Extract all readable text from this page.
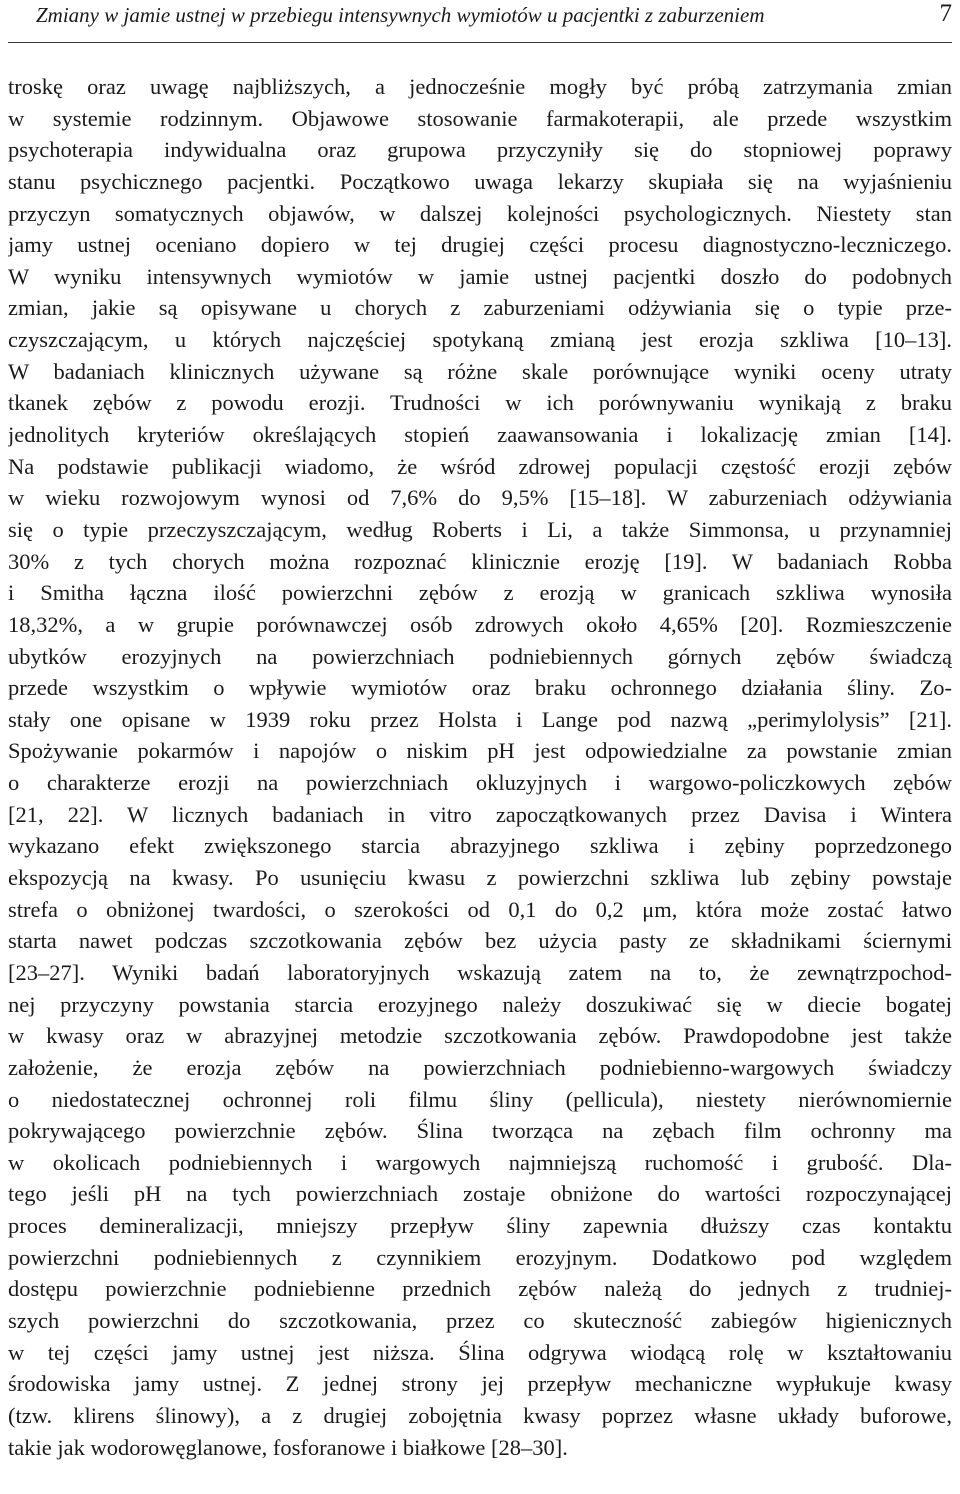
Zmiany w jamie ustnej w przebiegu intensywnych wymiotów u pacjentki z zaburzeniem	7
troskę oraz uwagę najbliższych, a jednocześnie mogły być próbą zatrzymania zmian
w systemie rodzinnym. Objawowe stosowanie farmakoterapii, ale przede wszystkim
psychoterapia indywidualna oraz grupowa przyczyniły się do stopniowej poprawy
stanu psychicznego pacjentki. Początkowo uwaga lekarzy skupiała się na wyjaśnieniu
przyczyn somatycznych objawów, w dalszej kolejności psychologicznych. Niestety stan
jamy ustnej oceniano dopiero w tej drugiej części procesu diagnostyczno-leczniczego.
W wyniku intensywnych wymiotów w jamie ustnej pacjentki doszło do podobnych
zmian, jakie są opisywane u chorych z zaburzeniami odżywiania się o typie prze-
czyszczającym, u których najczęściej spotykaną zmianą jest erozja szkliwa [10–13].
W badaniach klinicznych używane są różne skale porównujące wyniki oceny utraty
tkanek zębów z powodu erozji. Trudności w ich porównywaniu wynikają z braku
jednolitych kryteriów określających stopień zaawansowania i lokalizację zmian [14].
Na podstawie publikacji wiadomo, że wśród zdrowej populacji częstość erozji zębów
w wieku rozwojowym wynosi od 7,6% do 9,5% [15–18]. W zaburzeniach odżywiania
się o typie przeczyszczającym, według Roberts i Li, a także Simmonsa, u przynamniej
30% z tych chorych można rozpoznać klinicznie erozję [19]. W badaniach Robba
i Smitha łączna ilość powierzchni zębów z erozją w granicach szkliwa wynosiła
18,32%, a w grupie porównawczej osób zdrowych około 4,65% [20]. Rozmieszczenie
ubytków erozyjnych na powierzchniach podniebiennych górnych zębów świadczą
przede wszystkim o wpływie wymiotów oraz braku ochronnego działania śliny. Zo-
stały one opisane w 1939 roku przez Holsta i Lange pod nazwą „perimylolysis” [21].
Spożywanie pokarmów i napojów o niskim pH jest odpowiedzialne za powstanie zmian
o charakterze erozji na powierzchniach okluzyjnych i wargowo-policzkowych zębów
[21, 22]. W licznych badaniach in vitro zapoczątkowanych przez Davisa i Wintera
wykazano efekt zwiększonego starcia abrazyjnego szkliwa i zębiny poprzedzonego
ekspozycją na kwasy. Po usunięciu kwasu z powierzchni szkliwa lub zębiny powstaje
strefa o obniżonej twardości, o szerokości od 0,1 do 0,2 μm, która może zostać łatwo
starta nawet podczas szczotkowania zębów bez użycia pasty ze składnikami ściernymi
[23–27]. Wyniki badań laboratoryjnych wskazują zatem na to, że zewnątrzpochod-
nej przyczyny powstania starcia erozyjnego należy doszukiwać się w diecie bogatej
w kwasy oraz w abrazyjnej metodzie szczotkowania zębów. Prawdopodobne jest także
założenie, że erozja zębów na powierzchniach podniebienno-wargowych świadczy
o niedostatecznej ochronnej roli filmu śliny (pellicula), niestety nierównomiernie
pokrywającego powierzchnie zębów. Ślina tworząca na zębach film ochronny ma
w okolicach podniebiennych i wargowych najmniejszą ruchomość i grubość. Dla-
tego jeśli pH na tych powierzchniach zostaje obniżone do wartości rozpoczynającej
proces demineralizacji, mniejszy przepływ śliny zapewnia dłuższy czas kontaktu
powierzchni podniebiennych z czynnikiem erozyjnym. Dodatkowo pod względem
dostępu powierzchnie podniebienne przednich zębów należą do jednych z trudniej-
szych powierzchni do szczotkowania, przez co skuteczność zabiegów higienicznych
w tej części jamy ustnej jest niższa. Ślina odgrywa wiodącą rolę w kształtowaniu
środowiska jamy ustnej. Z jednej strony jej przepływ mechaniczne wypłukuje kwasy
(tzw. klirens ślinowy), a z drugiej zobojętnia kwasy poprzez własne układy buforowe,
takie jak wodorowęglanowe, fosforanowe i białkowe [28–30].
